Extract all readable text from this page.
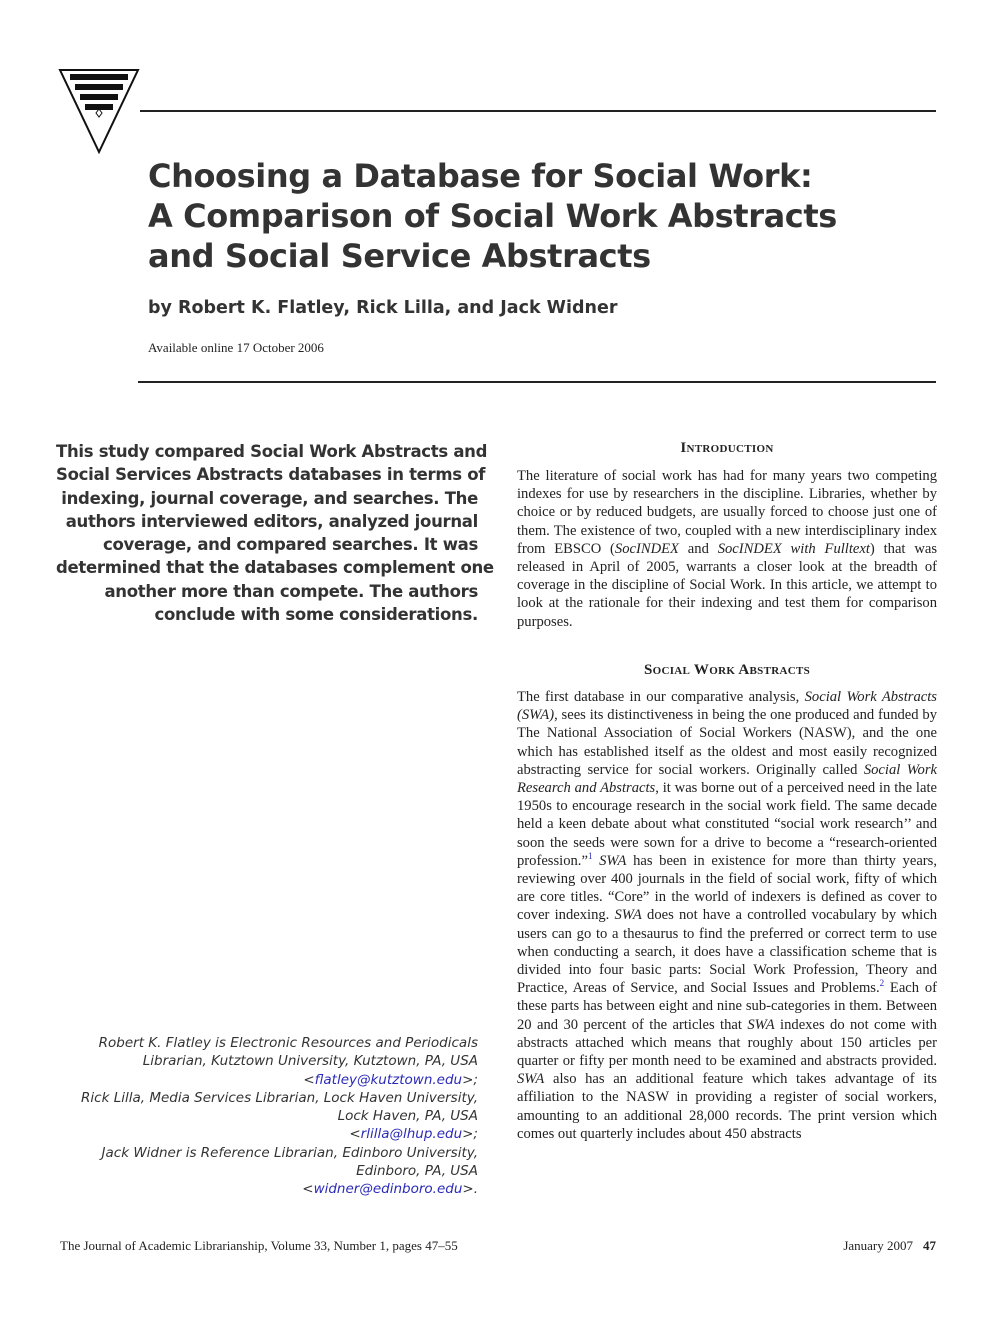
Choosing a Database for Social Work:
A Comparison of Social Work Abstracts
and Social Service Abstracts
by Robert K. Flatley, Rick Lilla, and Jack Widner
Available online 17 October 2006
This study compared Social Work Abstracts and
Social Services Abstracts databases in terms of
indexing, journal coverage, and searches. The
authors interviewed editors, analyzed journal
coverage, and compared searches. It was
determined that the databases complement one
another more than compete. The authors
conclude with some considerations.
Robert K. Flatley is Electronic Resources and Periodicals
Librarian, Kutztown University, Kutztown, PA, USA
<flatley@kutztown.edu>;
Rick Lilla, Media Services Librarian, Lock Haven University,
Lock Haven, PA, USA
<rlilla@lhup.edu>;
Jack Widner is Reference Librarian, Edinboro University,
Edinboro, PA, USA
<widner@edinboro.edu>.
Introduction

The literature of social work has had for many years two competing indexes for use by researchers in the discipline. Libraries, whether by choice or by reduced budgets, are usually forced to choose just one of them. The existence of two, coupled with a new interdisciplinary index from EBSCO (SocINDEX and SocINDEX with Fulltext) that was released in April of 2005, warrants a closer look at the breadth of coverage in the discipline of Social Work. In this article, we attempt to look at the rationale for their indexing and test them for comparison purposes.

Social Work Abstracts

The first database in our comparative analysis, Social Work Abstracts (SWA), sees its distinctiveness in being the one produced and funded by The National Association of Social Workers (NASW), and the one which has established itself as the oldest and most easily recognized abstracting service for social workers. Originally called Social Work Research and Abstracts, it was borne out of a perceived need in the late 1950s to encourage research in the social work field. The same decade held a keen debate about what constituted “social work research’’ and soon the seeds were sown for a drive to become a “research-oriented profession.”$^1$ SWA has been in existence for more than thirty years, reviewing over 400 journals in the field of social work, fifty of which are core titles. “Core” in the world of indexers is defined as cover to cover indexing. SWA does not have a controlled vocabulary by which users can go to a thesaurus to find the preferred or correct term to use when conducting a search, it does have a classification scheme that is divided into four basic parts: Social Work Profession, Theory and Practice, Areas of Service, and Social Issues and Problems.$^2$ Each of these parts has between eight and nine sub-categories in them. Between 20 and 30 percent of the articles that SWA indexes do not come with abstracts attached which means that roughly about 150 articles per quarter or fifty per month need to be examined and abstracts provided. SWA also has an additional feature which takes advantage of its affiliation to the NASW in providing a register of social workers, amounting to an additional 28,000 records. The print version which comes out quarterly includes about 450 abstracts

The Journal of Academic Librarianship, Volume 33, Number 1, pages 47–55	January 2007 47
